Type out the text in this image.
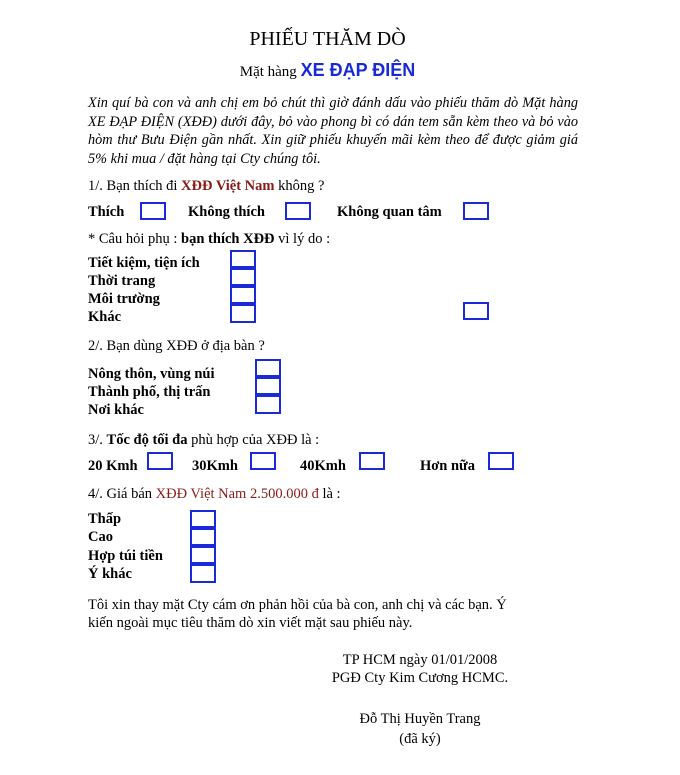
PHIẾU THĂM DÒ
Mặt hàng XE ĐẠP ĐIỆN
Xin quí bà con và anh chị em bỏ chút thì giờ đánh dấu vào phiếu thăm dò Mặt hàng XE ĐẠP ĐIỆN (XĐĐ) dưới đây, bỏ vào phong bì có dán tem sẵn kèm theo và bỏ vào hòm thư Bưu Điện gần nhất. Xin giữ phiếu khuyến mãi kèm theo để được giảm giá 5% khi mua / đặt hàng tại Cty chúng tôi.
1/. Bạn thích đi XĐĐ Việt Nam không ?
Thích	Không thích	Không quan tâm
* Câu hỏi phụ : bạn thích XĐĐ vì lý do :
Tiết kiệm, tiện ích
Thời trang
Môi trường
Khác
2/. Bạn dùng XĐĐ ở địa bàn ?
Nông thôn, vùng núi
Thành phố, thị trấn
Nơi khác
3/. Tốc độ tối đa phù hợp của XĐĐ là :
20 Kmh	30Kmh	40Kmh	Hơn nữa
4/. Giá bán XĐĐ Việt Nam 2.500.000 đ là :
Thấp
Cao
Hợp túi tiền
Ý khác
Tôi xin thay mặt Cty cám ơn phản hồi của bà con, anh chị và các bạn. Ý
kiến ngoài mục tiêu thăm dò xin viết mặt sau phiếu này.
TP HCM ngày 01/01/2008
PGĐ Cty Kim Cương HCMC.
Đỗ Thị Huyền Trang
(đã ký)
